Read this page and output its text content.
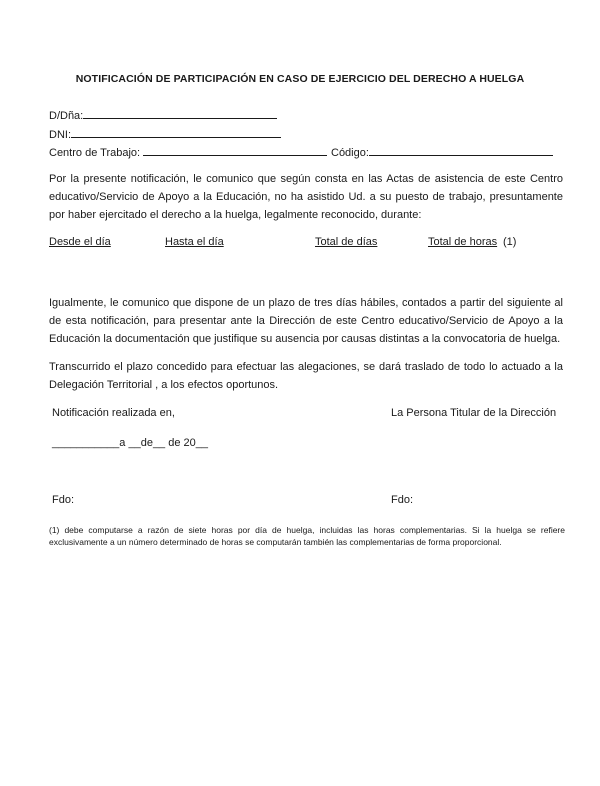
NOTIFICACIÓN DE PARTICIPACIÓN EN CASO DE EJERCICIO DEL DERECHO A HUELGA
D/Dña:
DNI:
Centro de Trabajo:	Código:
Por la presente notificación, le comunico que según consta en las Actas de asistencia de este Centro educativo/Servicio de Apoyo a la Educación, no ha asistido Ud. a su puesto de trabajo, presuntamente por haber ejercitado el derecho a la huelga, legalmente reconocido, durante:
Desde el día	Hasta el día	Total de días	Total de horas (1)
Igualmente, le comunico que dispone de un plazo de tres días hábiles, contados a partir del siguiente al de esta notificación, para presentar ante la Dirección de este Centro educativo/Servicio de Apoyo a la Educación la documentación que justifique su ausencia por causas distintas a la convocatoria de huelga.
Transcurrido el plazo concedido para efectuar las alegaciones, se dará traslado de todo lo actuado a la Delegación Territorial , a los efectos oportunos.
Notificación realizada en,	La Persona Titular de la Dirección
___________a __de__ de 20__
Fdo:	Fdo:
(1) debe computarse a razón de siete horas por día de huelga, incluidas las horas complementarias. Si la huelga se refiere exclusivamente a un número determinado de horas se computarán también las complementarias de forma proporcional.
